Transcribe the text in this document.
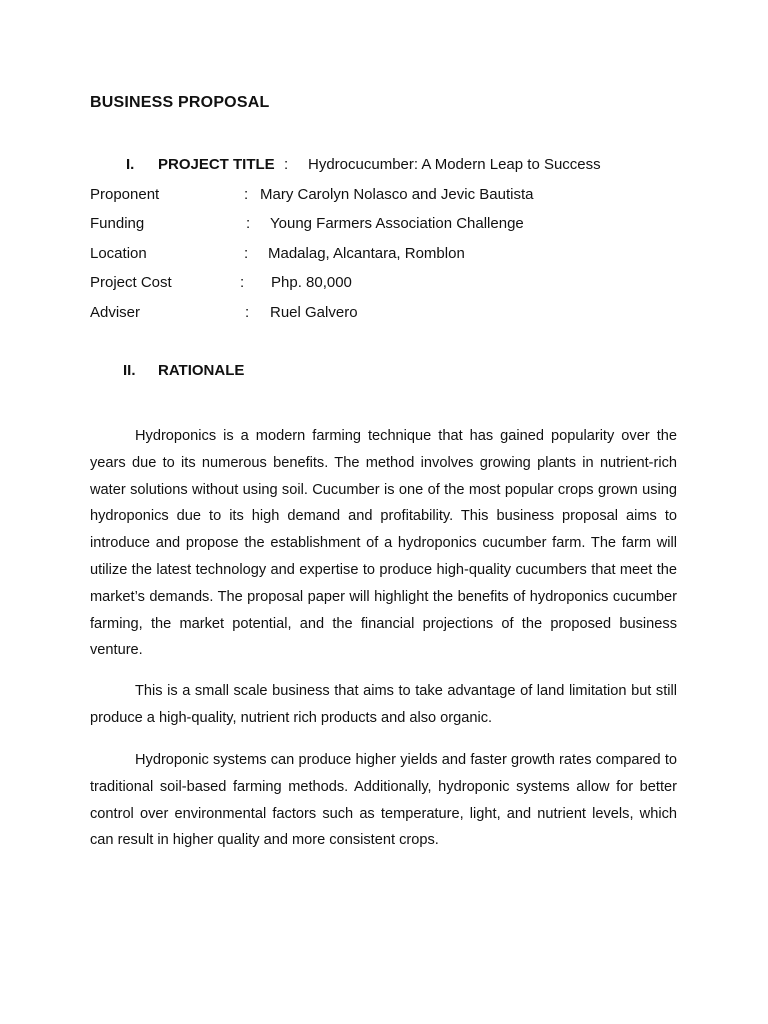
BUSINESS PROPOSAL
I. PROJECT TITLE : Hydrocucumber: A Modern Leap to Success
Proponent	: Mary Carolyn Nolasco and Jevic Bautista
Funding	: Young Farmers Association Challenge
Location	: Madalag, Alcantara, Romblon
Project Cost	: Php. 80,000
Adviser	: Ruel Galvero
II. RATIONALE

Hydroponics is a modern farming technique that has gained popularity over the years due to its numerous benefits. The method involves growing plants in nutrient-rich water solutions without using soil. Cucumber is one of the most popular crops grown using hydroponics due to its high demand and profitability. This business proposal aims to introduce and propose the establishment of a hydroponics cucumber farm. The farm will utilize the latest technology and expertise to produce high-quality cucumbers that meet the market’s demands. The proposal paper will highlight the benefits of hydroponics cucumber farming, the market potential, and the financial projections of the proposed business venture.

This is a small scale business that aims to take advantage of land limitation but still produce a high-quality, nutrient rich products and also organic.

Hydroponic systems can produce higher yields and faster growth rates compared to traditional soil-based farming methods. Additionally, hydroponic systems allow for better control over environmental factors such as temperature, light, and nutrient levels, which can result in higher quality and more consistent crops.
